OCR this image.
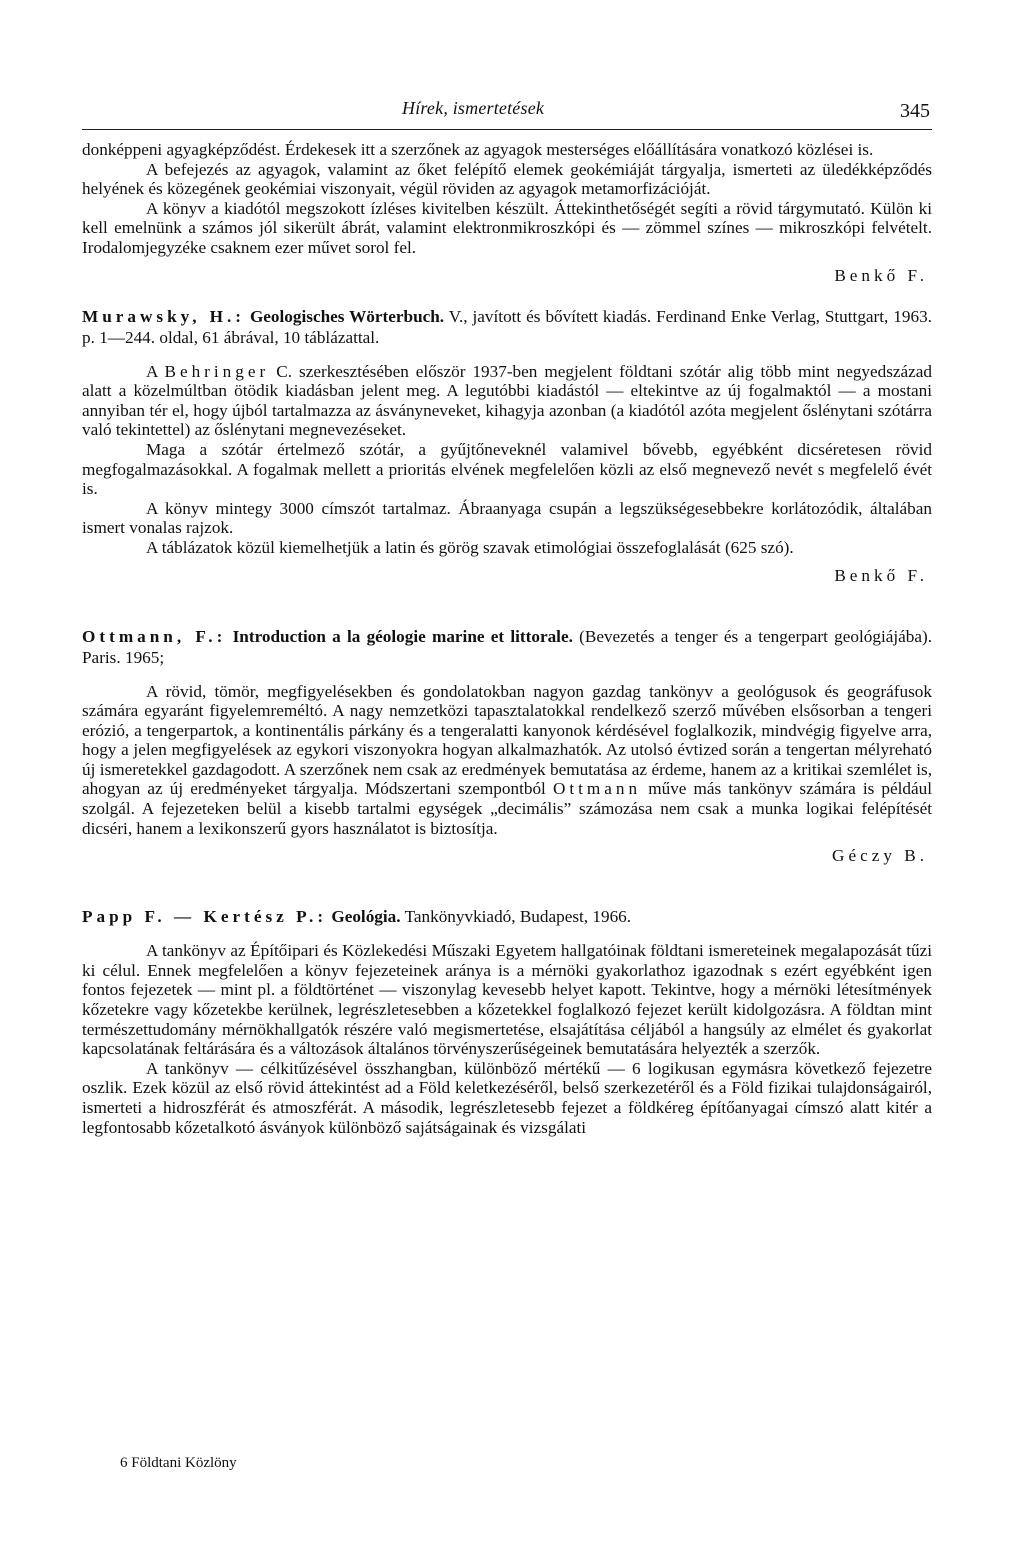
Hírek, ismertetések	345

donképpeni agyagképződést. Érdekesek itt a szerzőnek az agyagok mesterséges előállítására vonatkozó közlései is.

A befejezés az agyagok, valamint az őket felépítő elemek geokémiáját tárgyalja, ismerteti az üledékképződés helyének és közegének geokémiai viszonyait, végül röviden az agyagok metamorfizációját.

A könyv a kiadótól megszokott ízléses kivitelben készült. Áttekinthetőségét segíti a rövid tárgymutató. Külön ki kell emelnünk a számos jól sikerült ábrát, valamint elektronmikroszkópi és — zömmel színes — mikroszkópi felvételt. Irodalomjegyzéke csaknem ezer művet sorol fel.

Benkő F.
Murawsky, H.: Geologisches Wörterbuch. V., javított és bővített kiadás. Ferdinand Enke Verlag, Stuttgart, 1963. p. 1—244. oldal, 61 ábrával, 10 táblázattal.

A Behringer C. szerkesztésében először 1937-ben megjelent földtani szótár alig több mint negyedszázad alatt a közelmúltban ötödik kiadásban jelent meg. A legutóbbi kiadástól — eltekintve az új fogalmaktól — a mostani annyiban tér el, hogy újból tartalmazza az ásványneveket, kihagyja azonban (a kiadótól azóta megjelent őslénytani szótárra való tekintettel) az őslénytani megnevezéseket.

Maga a szótár értelmező szótár, a gyűjtőneveknél valamivel bővebb, egyébként dicséretesen rövid megfogalmazásokkal. A fogalmak mellett a prioritás elvének megfelelően közli az első megnevező nevét s megfelelő évét is.

A könyv mintegy 3000 címszót tartalmaz. Ábraanyaga csupán a legszükségesebbekre korlátozódik, általában ismert vonalas rajzok.

A táblázatok közül kiemelhetjük a latin és görög szavak etimológiai összefoglalását (625 szó).

Benkő F.
Ottmann, F.: Introduction a la géologie marine et littorale. (Bevezetés a tenger és a tengerpart geológiájába). Paris. 1965;

A rövid, tömör, megfigyelésekben és gondolatokban nagyon gazdag tankönyv a geológusok és geográfusok számára egyaránt figyelemreméltó. A nagy nemzetközi tapasztalatokkal rendelkező szerző művében elsősorban a tengeri erózió, a tengerpartok, a kontinentális párkány és a tengeralatti kanyonok kérdésével foglalkozik, mindvégig figyelve arra, hogy a jelen megfigyelések az egykori viszonyokra hogyan alkalmazhatók. Az utolsó évtized során a tengertan mélyreható új ismeretekkel gazdagodott. A szerzőnek nem csak az eredmények bemutatása az érdeme, hanem az a kritikai szemlélet is, ahogyan az új eredményeket tárgyalja. Módszertani szempontból Ottmann műve más tankönyv számára is például szolgál. A fejezeteken belül a kisebb tartalmi egységek „decimális” számozása nem csak a munka logikai felépítését dicséri, hanem a lexikonszerű gyors használatot is biztosítja.

Géczy B.
Papp F. — Kertész P.: Geológia. Tankönyvkiadó, Budapest, 1966.

A tankönyv az Építőipari és Közlekedési Műszaki Egyetem hallgatóinak földtani ismereteinek megalapozását tűzi ki célul. Ennek megfelelően a könyv fejezeteinek aránya is a mérnöki gyakorlathoz igazodnak s ezért egyébként igen fontos fejezetek — mint pl. a földtörténet — viszonylag kevesebb helyet kapott. Tekintve, hogy a mérnöki létesítmények kőzetekre vagy kőzetekbe kerülnek, legrészletesebben a kőzetekkel foglalkozó fejezet került kidolgozásra. A földtan mint természettudomány mérnökhallgatók részére való megismertetése, elsajátítása céljából a hangsúly az elmélet és gyakorlat kapcsolatának feltárására és a változások általános törvényszerűségeinek bemutatására helyezték a szerzők.

A tankönyv — célkitűzésével összhangban, különböző mértékű — 6 logikusan egymásra következő fejezetre oszlik. Ezek közül az első rövid áttekintést ad a Föld keletkezéséről, belső szerkezetéről és a Föld fizikai tulajdonságairól, ismerteti a hidroszférát és atmoszférát. A második, legrészletesebb fejezet a földkéreg építőanyagai címszó alatt kitér a legfontosabb kőzetalkotó ásványok különböző sajátságainak és vizsgálati

6 Földtani Közlöny
